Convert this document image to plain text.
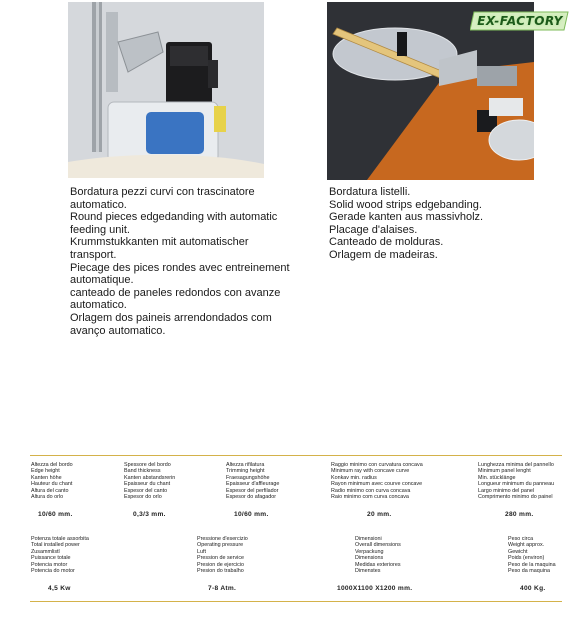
EX-FACTORY

Bordatura pezzi curvi con trascinatore automatico.

Round pieces edgedanding with automatic feeding unit.

Krummstukkanten mit automatischer transport.

Piecage des pices rondes avec entreinement automatique.

canteado de paneles redondos con avanze automatico.

Orlagem dos paineis arrendondados com avanço automatico.

Bordatura listelli.

Solid wood strips edgebanding.

Gerade kanten aus massivholz.

Placage d'alaises.

Canteado de molduras.

Orlagem de madeiras.

Altezza del bordo
Edge height
Kanten höhe
Hauteur du chant
Altura del canto
Altura do orlo
10/60 mm.
Spessore del bordo
Band thickness
Kanten abstandsrerin
Epaisseur du chant
Espesor del canto
Espesor do orlo
0,3/3 mm.
Altezza rifilatura
Trimming height
Fraesagungshöhe
Epaisseur d'affleurage
Espesor del perfilador
Espesor do afagador
10/60 mm.
Raggio minimo con curvatura concava
Minimum ray with concave curve
Konkav min. radius
Rayon minimum avec courve concave
Radio minimo con curva concava
Raio minimo com curva concava
20 mm.
Lunghezza minima del pannello
Minimum panel lenght
Min. stücklänge
Longueur minimum du panneau
Largo minimo del panel
Comprimento minimo do painel
280 mm.
Potenza totale assorbita
Total installed power
Zusammlistl
Puissance totale
Potencia motor
Potencia do motor
4,5 Kw
Pressione d'esercizio
Operating pressure
Luft
Pression de service
Presion de ejercicio
Presion do trabalho
7-8 Atm.
Dimensioni
Overall dimensions
Verpackung
Dimensions
Medidas exteriores
Dimenstes
1000X1100 X1200 mm.
Peso circa
Weight approx.
Gewicht
Poids (environ)
Peso de la maquina
Peso da maquina
400 Kg.
